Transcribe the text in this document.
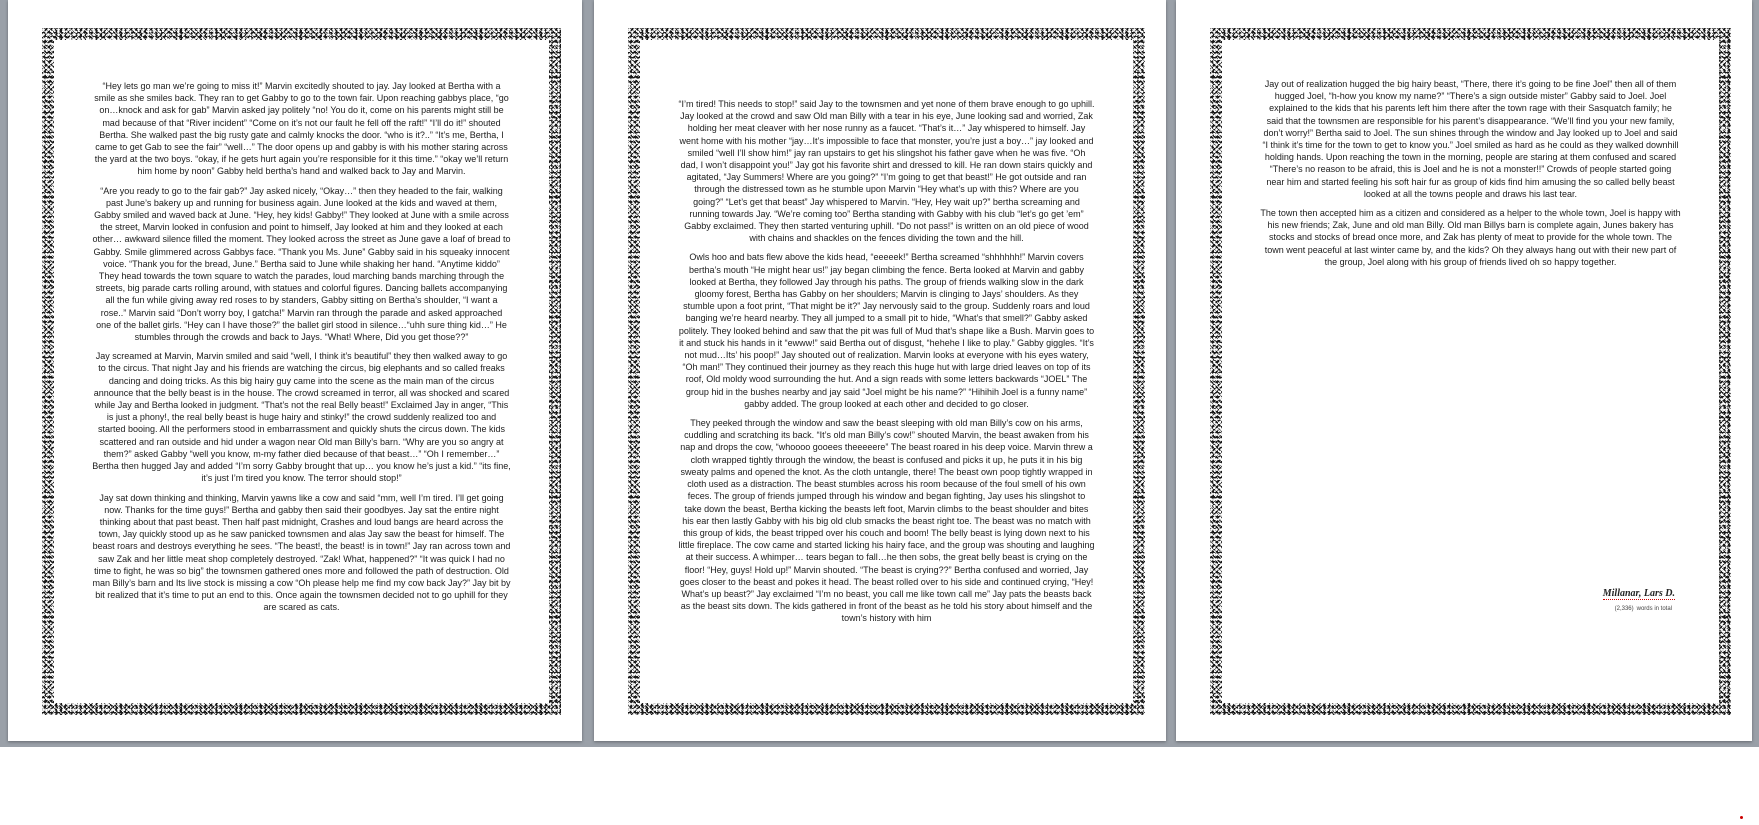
“Hey lets go man we’re going to miss it!” Marvin excitedly shouted to jay. Jay looked at Bertha with a smile as she smiles back. They ran to get Gabby to go to the town fair. Upon reaching gabbys place, “go on…knock and ask for gab” Marvin asked jay politely “no! You do it, come on his parents might still be mad because of that “River incident” “Come on it’s not our fault he fell off the raft!” “I’ll do it!” shouted Bertha. She walked past the big rusty gate and calmly knocks the door. “who is it?..” “It’s me, Bertha, I came to get Gab to see the fair” “well…” The door opens up and gabby is with his mother staring across the yard at the two boys. “okay, if he gets hurt again you’re responsible for it this time.” “okay we’ll return him home by noon” Gabby held bertha’s hand and walked back to Jay and Marvin.

“Are you ready to go to the fair gab?” Jay asked nicely, “Okay…” then they headed to the fair, walking past June’s bakery up and running for business again. June looked at the kids and waved at them, Gabby smiled and waved back at June. “Hey, hey kids! Gabby!” They looked at June with a smile across the street, Marvin looked in confusion and point to himself, Jay looked at him and they looked at each other… awkward silence filled the moment. They looked across the street as June gave a loaf of bread to Gabby. Smile glimmered across Gabbys face. “Thank you Ms. June” Gabby said in his squeaky innocent voice. “Thank you for the bread, June.” Bertha said to June while shaking her hand. “Anytime kiddo” They head towards the town square to watch the parades, loud marching bands marching through the streets, big parade carts rolling around, with statues and colorful figures. Dancing ballets accompanying all the fun while giving away red roses to by standers, Gabby sitting on Bertha’s shoulder, “I want a rose..” Marvin said “Don’t worry boy, I gatcha!” Marvin ran through the parade and asked approached one of the ballet girls. “Hey can I have those?” the ballet girl stood in silence…“uhh sure thing kid…” He stumbles through the crowds and back to Jays. “What! Where, Did you get those??”

Jay screamed at Marvin, Marvin smiled and said “well, I think it’s beautiful” they then walked away to go to the circus. That night Jay and his friends are watching the circus, big elephants and so called freaks dancing and doing tricks. As this big hairy guy came into the scene as the main man of the circus announce that the belly beast is in the house. The crowd screamed in terror, all was shocked and scared while Jay and Bertha looked in judgment. “That’s not the real Belly beast!” Exclaimed Jay in anger, “This is just a phony!, the real belly beast is huge hairy and stinky!” the crowd suddenly realized too and started booing. All the performers stood in embarrassment and quickly shuts the circus down. The kids scattered and ran outside and hid under a wagon near Old man Billy’s barn. “Why are you so angry at them?” asked Gabby “well you know, m-my father died because of that beast…” “Oh I remember…” Bertha then hugged Jay and added “I’m sorry Gabby brought that up… you know he’s just a kid.” “its fine, it’s just I’m tired you know. The terror should stop!”

Jay sat down thinking and thinking, Marvin yawns like a cow and said “mm, well I’m tired. I’ll get going now. Thanks for the time guys!” Bertha and gabby then said their goodbyes. Jay sat the entire night thinking about that past beast. Then half past midnight, Crashes and loud bangs are heard across the town, Jay quickly stood up as he saw panicked townsmen and alas Jay saw the beast for himself. The beast roars and destroys everything he sees. “The beast!, the beast! is in town!” Jay ran across town and saw Zak and her little meat shop completely destroyed. “Zak! What, happened?” “It was quick I had no time to fight, he was so big” the townsmen gathered ones more and followed the path of destruction. Old man Billy’s barn and Its live stock is missing a cow “Oh please help me find my cow back Jay?” Jay bit by bit realized that it’s time to put an end to this. Once again the townsmen decided not to go uphill for they are scared as cats.

“I’m tired! This needs to stop!” said Jay to the townsmen and yet none of them brave enough to go uphill. Jay looked at the crowd and saw Old man Billy with a tear in his eye, June looking sad and worried, Zak holding her meat cleaver with her nose runny as a faucet. “That’s it…” Jay whispered to himself. Jay went home with his mother “jay…It’s impossible to face that monster, you’re just a boy…” jay looked and smiled “well I’ll show him!” jay ran upstairs to get his slingshot his father gave when he was five. “Oh dad, I won’t disappoint you!” Jay got his favorite shirt and dressed to kill. He ran down stairs quickly and agitated, “Jay Summers! Where are you going?” “I’m going to get that beast!” He got outside and ran through the distressed town as he stumble upon Marvin “Hey what’s up with this? Where are you going?” “Let’s get that beast” Jay whispered to Marvin. “Hey, Hey wait up?” bertha screaming and running towards Jay. “We’re coming too” Bertha standing with Gabby with his club “let’s go get ’em” Gabby exclaimed. They then started venturing uphill. “Do not pass!” is written on an old piece of wood with chains and shackles on the fences dividing the town and the hill.

Owls hoo and bats flew above the kids head, “eeeeek!” Bertha screamed “shhhhhh!” Marvin covers bertha’s mouth “He might hear us!” jay began climbing the fence. Berta looked at Marvin and gabby looked at Bertha, they followed Jay through his paths. The group of friends walking slow in the dark gloomy forest, Bertha has Gabby on her shoulders; Marvin is clinging to Jays’ shoulders. As they stumble upon a foot print, “That might be it?” Jay nervously said to the group. Suddenly roars and loud banging we’re heard nearby. They all jumped to a small pit to hide, “What’s that smell?” Gabby asked politely. They looked behind and saw that the pit was full of Mud that’s shape like a Bush. Marvin goes to it and stuck his hands in it “ewww!” said Bertha out of disgust, “hehehe I like to play.” Gabby giggles. “It’s not mud…Its’ his poop!” Jay shouted out of realization. Marvin looks at everyone with his eyes watery, “Oh man!” They continued their journey as they reach this huge hut with large dried leaves on top of its roof, Old moldy wood surrounding the hut. And a sign reads with some letters backwards “JOEL” The group hid in the bushes nearby and jay said “Joel might be his name?” “Hihihih Joel is a funny name” gabby added. The group looked at each other and decided to go closer.

They peeked through the window and saw the beast sleeping with old man Billy’s cow on his arms, cuddling and scratching its back. “It’s old man Billy’s cow!” shouted Marvin, the beast awaken from his nap and drops the cow, “whoooo gooees theeeeere” The beast roared in his deep voice. Marvin threw a cloth wrapped tightly through the window, the beast is confused and picks it up, he puts it in his big sweaty palms and opened the knot. As the cloth untangle, there! The beast own poop tightly wrapped in cloth used as a distraction. The beast stumbles across his room because of the foul smell of his own feces. The group of friends jumped through his window and began fighting, Jay uses his slingshot to take down the beast, Bertha kicking the beasts left foot, Marvin climbs to the beast shoulder and bites his ear then lastly Gabby with his big old club smacks the beast right toe. The beast was no match with this group of kids, the beast tripped over his couch and boom! The belly beast is lying down next to his little fireplace. The cow came and started licking his hairy face, and the group was shouting and laughing at their success. A whimper… tears began to fall…he then sobs, the great belly beast is crying on the floor! “Hey, guys! Hold up!” Marvin shouted. “The beast is crying??” Bertha confused and worried, Jay goes closer to the beast and pokes it head. The beast rolled over to his side and continued crying, “Hey! What’s up beast?” Jay exclaimed “I’m no beast, you call me like town call me” Jay pats the beasts back as the beast sits down. The kids gathered in front of the beast as he told his story about himself and the town’s history with him

Jay out of realization hugged the big hairy beast, “There, there it’s going to be fine Joel” then all of them hugged Joel, “h-how you know my name?” “There’s a sign outside mister” Gabby said to Joel. Joel explained to the kids that his parents left him there after the town rage with their Sasquatch family; he said that the townsmen are responsible for his parent’s disappearance. “We’ll find you your new family, don’t worry!” Bertha said to Joel. The sun shines through the window and Jay looked up to Joel and said “I think it’s time for the town to get to know you.” Joel smiled as hard as he could as they walked downhill holding hands. Upon reaching the town in the morning, people are staring at them confused and scared “There’s no reason to be afraid, this is Joel and he is not a monster!!” Crowds of people started going near him and started feeling his soft hair fur as group of kids find him amusing the so called belly beast looked at all the towns people and draws his last tear.

The town then accepted him as a citizen and considered as a helper to the whole town, Joel is happy with his new friends; Zak, June and old man Billy. Old man Billys barn is complete again, Junes bakery has stocks and stocks of bread once more, and Zak has plenty of meat to provide for the whole town. The town went peaceful at last winter came by, and the kids? Oh they always hang out with their new part of the group, Joel along with his group of friends lived oh so happy together.

Millanar, Lars D.
(2,336) words in total
